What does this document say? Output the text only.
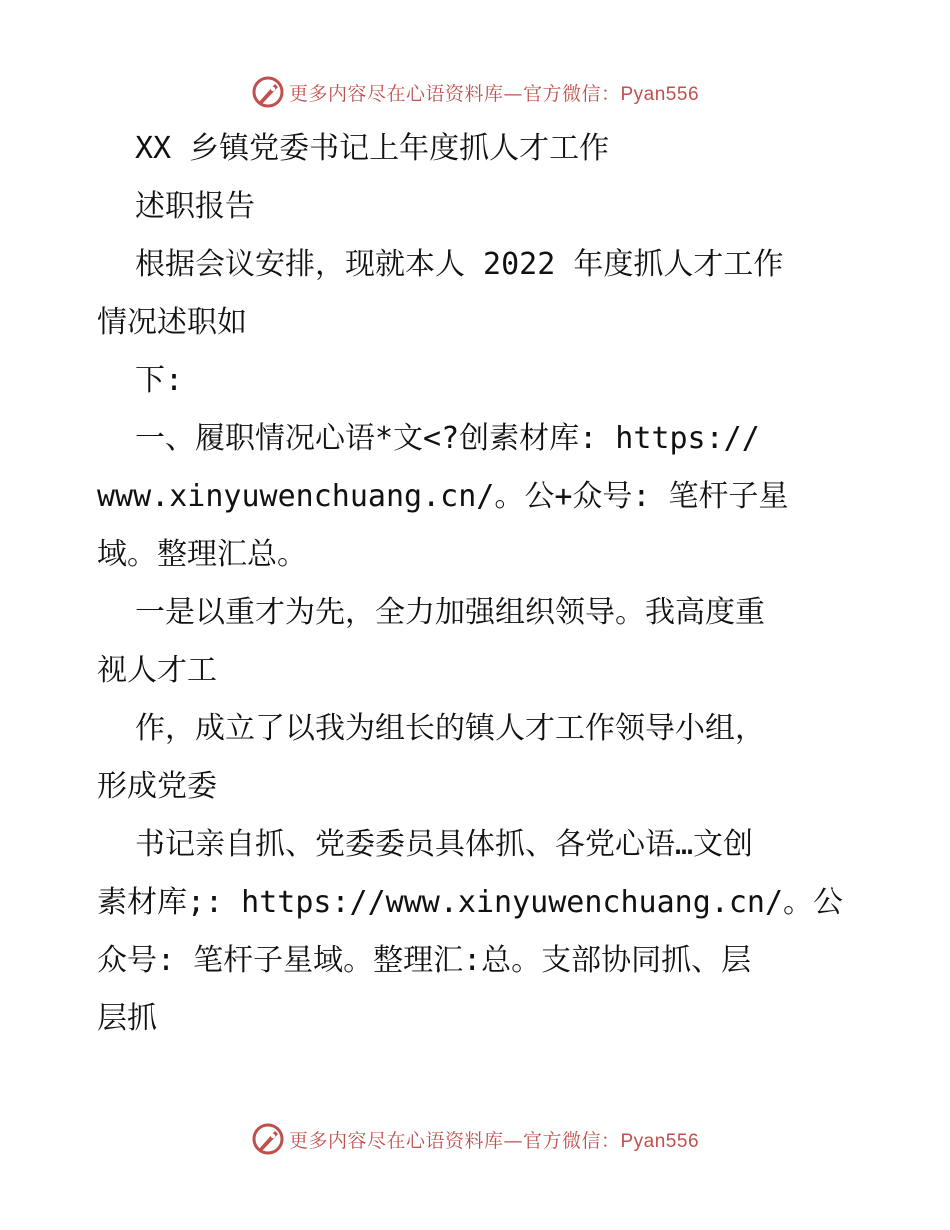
更多内容尽在心语资料库—官方微信：Pyan556
XX 乡镇党委书记上年度抓人才工作
述职报告
根据会议安排，现就本人 2022 年度抓人才工作
情况述职如
下:
一、履职情况心语*文<?创素材库: https://
www.xinyuwenchuang.cn/。公+众号: 笔杆子星
域。整理汇总。
一是以重才为先，全力加强组织领导。我高度重
视人才工
作，成立了以我为组长的镇人才工作领导小组，
形成党委
书记亲自抓、党委委员具体抓、各党心语…文创
素材库;: https://www.xinyuwenchuang.cn/。公
众号: 笔杆子星域。整理汇:总。支部协同抓、层
层抓
更多内容尽在心语资料库—官方微信：Pyan556
